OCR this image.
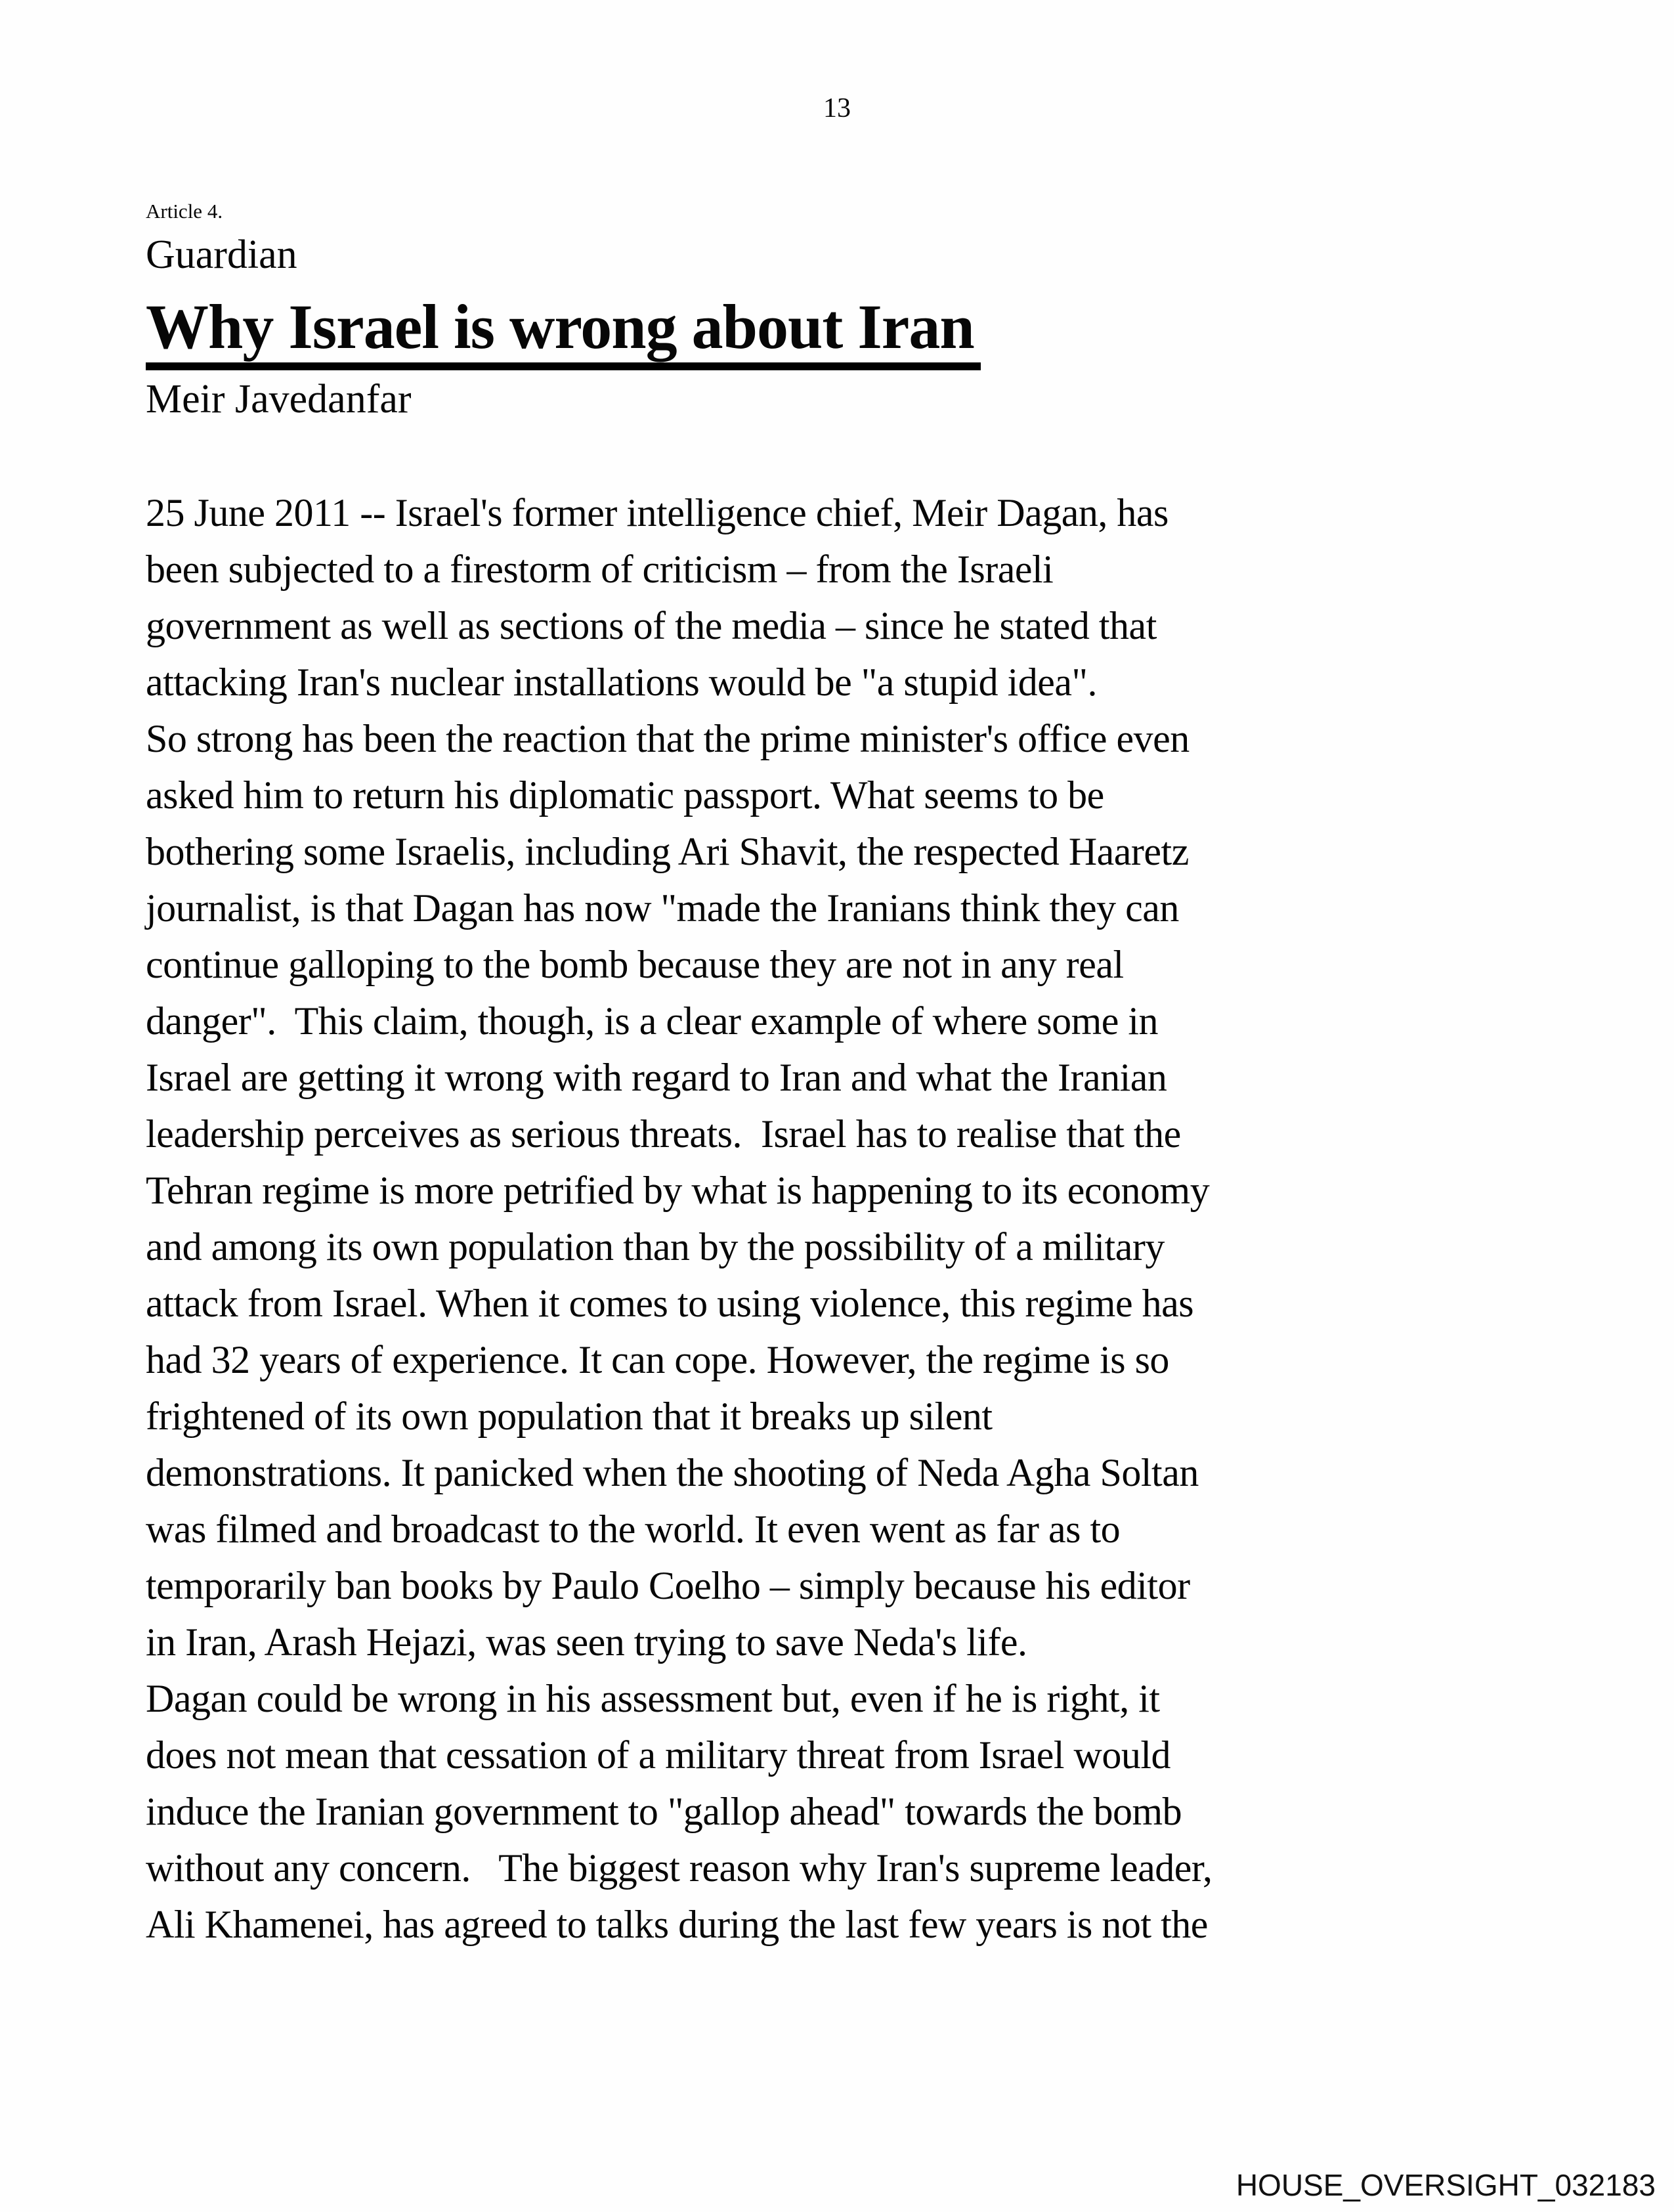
13
Article 4.
Guardian
Why Israel is wrong about Iran
Meir Javedanfar
25 June 2011 -- Israel's former intelligence chief, Meir Dagan, has
been subjected to a firestorm of criticism – from the Israeli
government as well as sections of the media – since he stated that
attacking Iran's nuclear installations would be "a stupid idea".
So strong has been the reaction that the prime minister's office even
asked him to return his diplomatic passport. What seems to be
bothering some Israelis, including Ari Shavit, the respected Haaretz
journalist, is that Dagan has now "made the Iranians think they can
continue galloping to the bomb because they are not in any real
danger".  This claim, though, is a clear example of where some in
Israel are getting it wrong with regard to Iran and what the Iranian
leadership perceives as serious threats.  Israel has to realise that the
Tehran regime is more petrified by what is happening to its economy
and among its own population than by the possibility of a military
attack from Israel. When it comes to using violence, this regime has
had 32 years of experience. It can cope. However, the regime is so
frightened of its own population that it breaks up silent
demonstrations. It panicked when the shooting of Neda Agha Soltan
was filmed and broadcast to the world. It even went as far as to
temporarily ban books by Paulo Coelho – simply because his editor
in Iran, Arash Hejazi, was seen trying to save Neda's life.
Dagan could be wrong in his assessment but, even if he is right, it
does not mean that cessation of a military threat from Israel would
induce the Iranian government to "gallop ahead" towards the bomb
without any concern.   The biggest reason why Iran's supreme leader,
Ali Khamenei, has agreed to talks during the last few years is not the
HOUSE_OVERSIGHT_032183
